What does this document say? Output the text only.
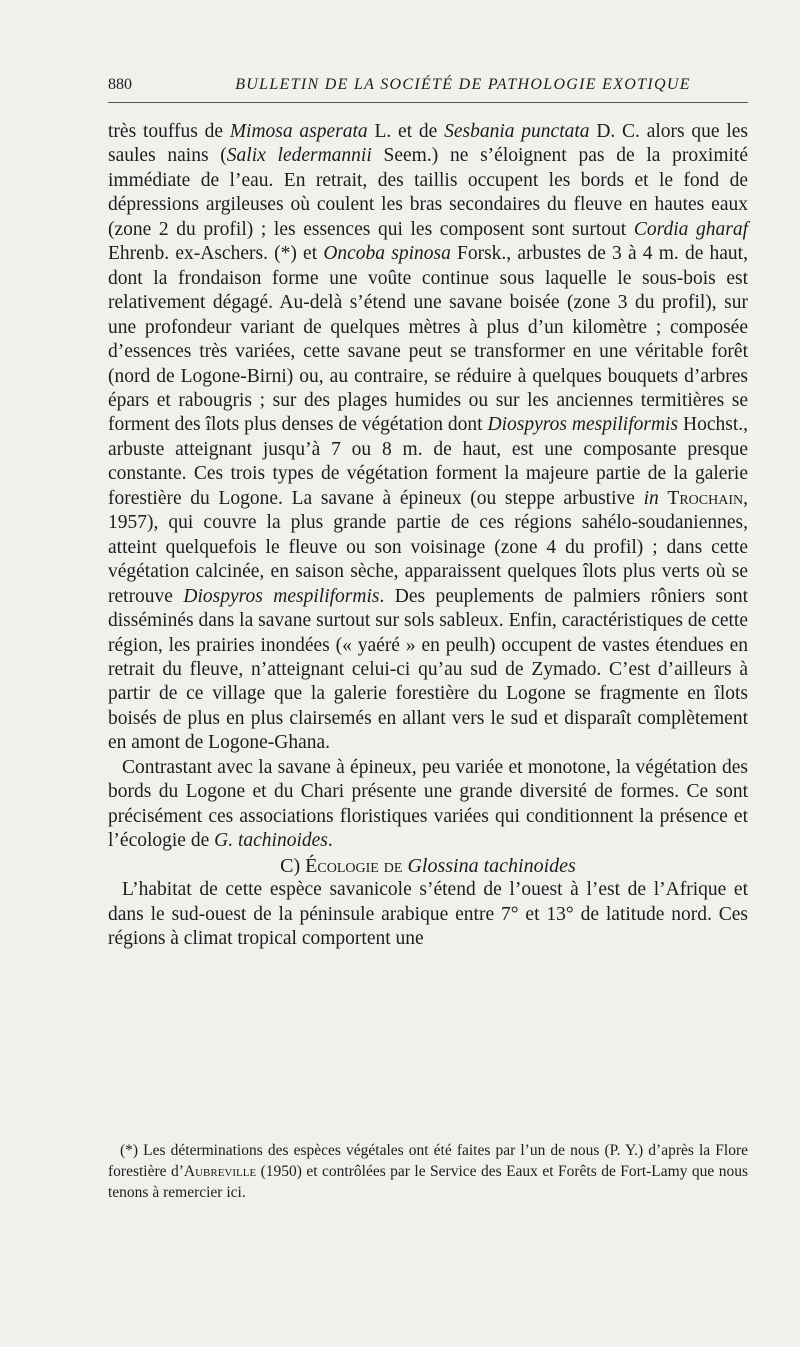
880	BULLETIN DE LA SOCIÉTÉ DE PATHOLOGIE EXOTIQUE

très touffus de Mimosa asperata L. et de Sesbania punctata D. C. alors que les saules nains (Salix ledermannii Seem.) ne s’éloignent pas de la proximité immédiate de l’eau. En retrait, des taillis occupent les bords et le fond de dépressions argileuses où coulent les bras secondaires du fleuve en hautes eaux (zone 2 du profil) ; les essences qui les composent sont surtout Cordia gharaf Ehrenb. ex-Aschers. (*) et Oncoba spinosa Forsk., arbustes de 3 à 4 m. de haut, dont la frondaison forme une voûte continue sous laquelle le sous-bois est relativement dégagé. Au-delà s’étend une savane boisée (zone 3 du profil), sur une profondeur variant de quelques mètres à plus d’un kilomètre ; composée d’essences très variées, cette savane peut se transformer en une véritable forêt (nord de Logone-Birni) ou, au contraire, se réduire à quelques bouquets d’arbres épars et rabougris ; sur des plages humides ou sur les anciennes termitières se forment des îlots plus denses de végétation dont Diospyros mespiliformis Hochst., arbuste atteignant jusqu’à 7 ou 8 m. de haut, est une composante presque constante. Ces trois types de végétation forment la majeure partie de la galerie forestière du Logone. La savane à épineux (ou steppe arbustive in Trochain, 1957), qui couvre la plus grande partie de ces régions sahélo-soudaniennes, atteint quelquefois le fleuve ou son voisinage (zone 4 du profil) ; dans cette végétation calcinée, en saison sèche, apparaissent quelques îlots plus verts où se retrouve Diospyros mespiliformis. Des peuplements de palmiers rôniers sont disséminés dans la savane surtout sur sols sableux. Enfin, caractéristiques de cette région, les prairies inondées (« yaéré » en peulh) occupent de vastes étendues en retrait du fleuve, n’atteignant celui-ci qu’au sud de Zymado. C’est d’ailleurs à partir de ce village que la galerie forestière du Logone se fragmente en îlots boisés de plus en plus clairsemés en allant vers le sud et disparaît complètement en amont de Logone-Ghana.

Contrastant avec la savane à épineux, peu variée et monotone, la végétation des bords du Logone et du Chari présente une grande diversité de formes. Ce sont précisément ces associations floristiques variées qui conditionnent la présence et l’écologie de G. tachinoides.

C) Écologie de Glossina tachinoides

L’habitat de cette espèce savanicole s’étend de l’ouest à l’est de l’Afrique et dans le sud-ouest de la péninsule arabique entre 7° et 13° de latitude nord. Ces régions à climat tropical comportent une

(*) Les déterminations des espèces végétales ont été faites par l’un de nous (P. Y.) d’après la Flore forestière d’Aubreville (1950) et contrôlées par le Service des Eaux et Forêts de Fort-Lamy que nous tenons à remercier ici.
